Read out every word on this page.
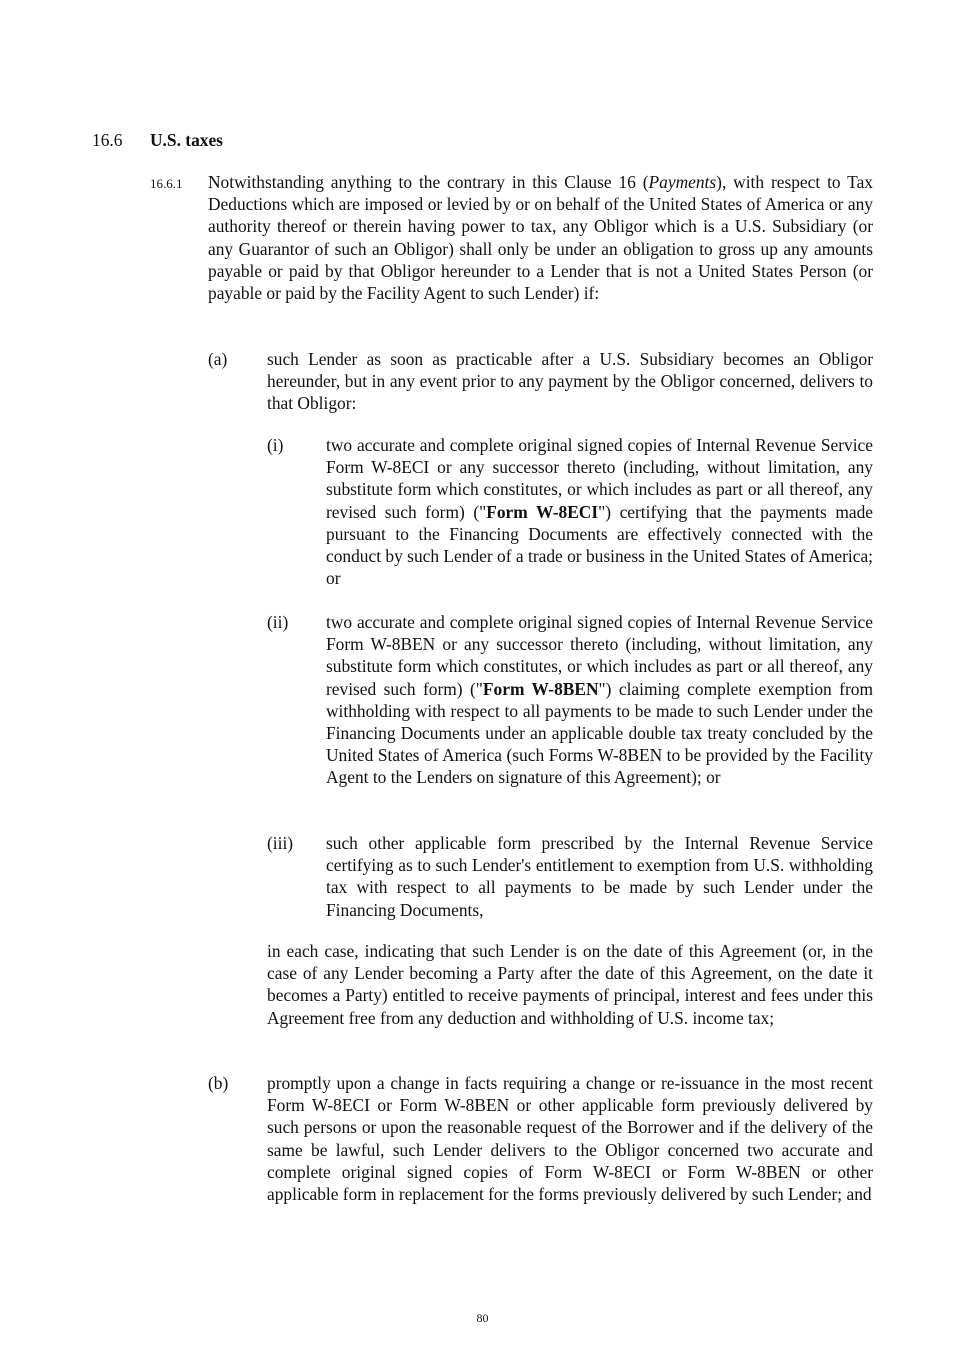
16.6 U.S. taxes
16.6.1 Notwithstanding anything to the contrary in this Clause 16 (Payments), with respect to Tax Deductions which are imposed or levied by or on behalf of the United States of America or any authority thereof or therein having power to tax, any Obligor which is a U.S. Subsidiary (or any Guarantor of such an Obligor) shall only be under an obligation to gross up any amounts payable or paid by that Obligor hereunder to a Lender that is not a United States Person (or payable or paid by the Facility Agent to such Lender) if:
(a) such Lender as soon as practicable after a U.S. Subsidiary becomes an Obligor hereunder, but in any event prior to any payment by the Obligor concerned, delivers to that Obligor:
(i) two accurate and complete original signed copies of Internal Revenue Service Form W-8ECI or any successor thereto (including, without limitation, any substitute form which constitutes, or which includes as part or all thereof, any revised such form) ("Form W-8ECI") certifying that the payments made pursuant to the Financing Documents are effectively connected with the conduct by such Lender of a trade or business in the United States of America; or
(ii) two accurate and complete original signed copies of Internal Revenue Service Form W-8BEN or any successor thereto (including, without limitation, any substitute form which constitutes, or which includes as part or all thereof, any revised such form) ("Form W-8BEN") claiming complete exemption from withholding with respect to all payments to be made to such Lender under the Financing Documents under an applicable double tax treaty concluded by the United States of America (such Forms W-8BEN to be provided by the Facility Agent to the Lenders on signature of this Agreement); or
(iii) such other applicable form prescribed by the Internal Revenue Service certifying as to such Lender's entitlement to exemption from U.S. withholding tax with respect to all payments to be made by such Lender under the Financing Documents,
in each case, indicating that such Lender is on the date of this Agreement (or, in the case of any Lender becoming a Party after the date of this Agreement, on the date it becomes a Party) entitled to receive payments of principal, interest and fees under this Agreement free from any deduction and withholding of U.S. income tax;
(b) promptly upon a change in facts requiring a change or re-issuance in the most recent Form W-8ECI or Form W-8BEN or other applicable form previously delivered by such persons or upon the reasonable request of the Borrower and if the delivery of the same be lawful, such Lender delivers to the Obligor concerned two accurate and complete original signed copies of Form W-8ECI or Form W-8BEN or other applicable form in replacement for the forms previously delivered by such Lender; and
80
